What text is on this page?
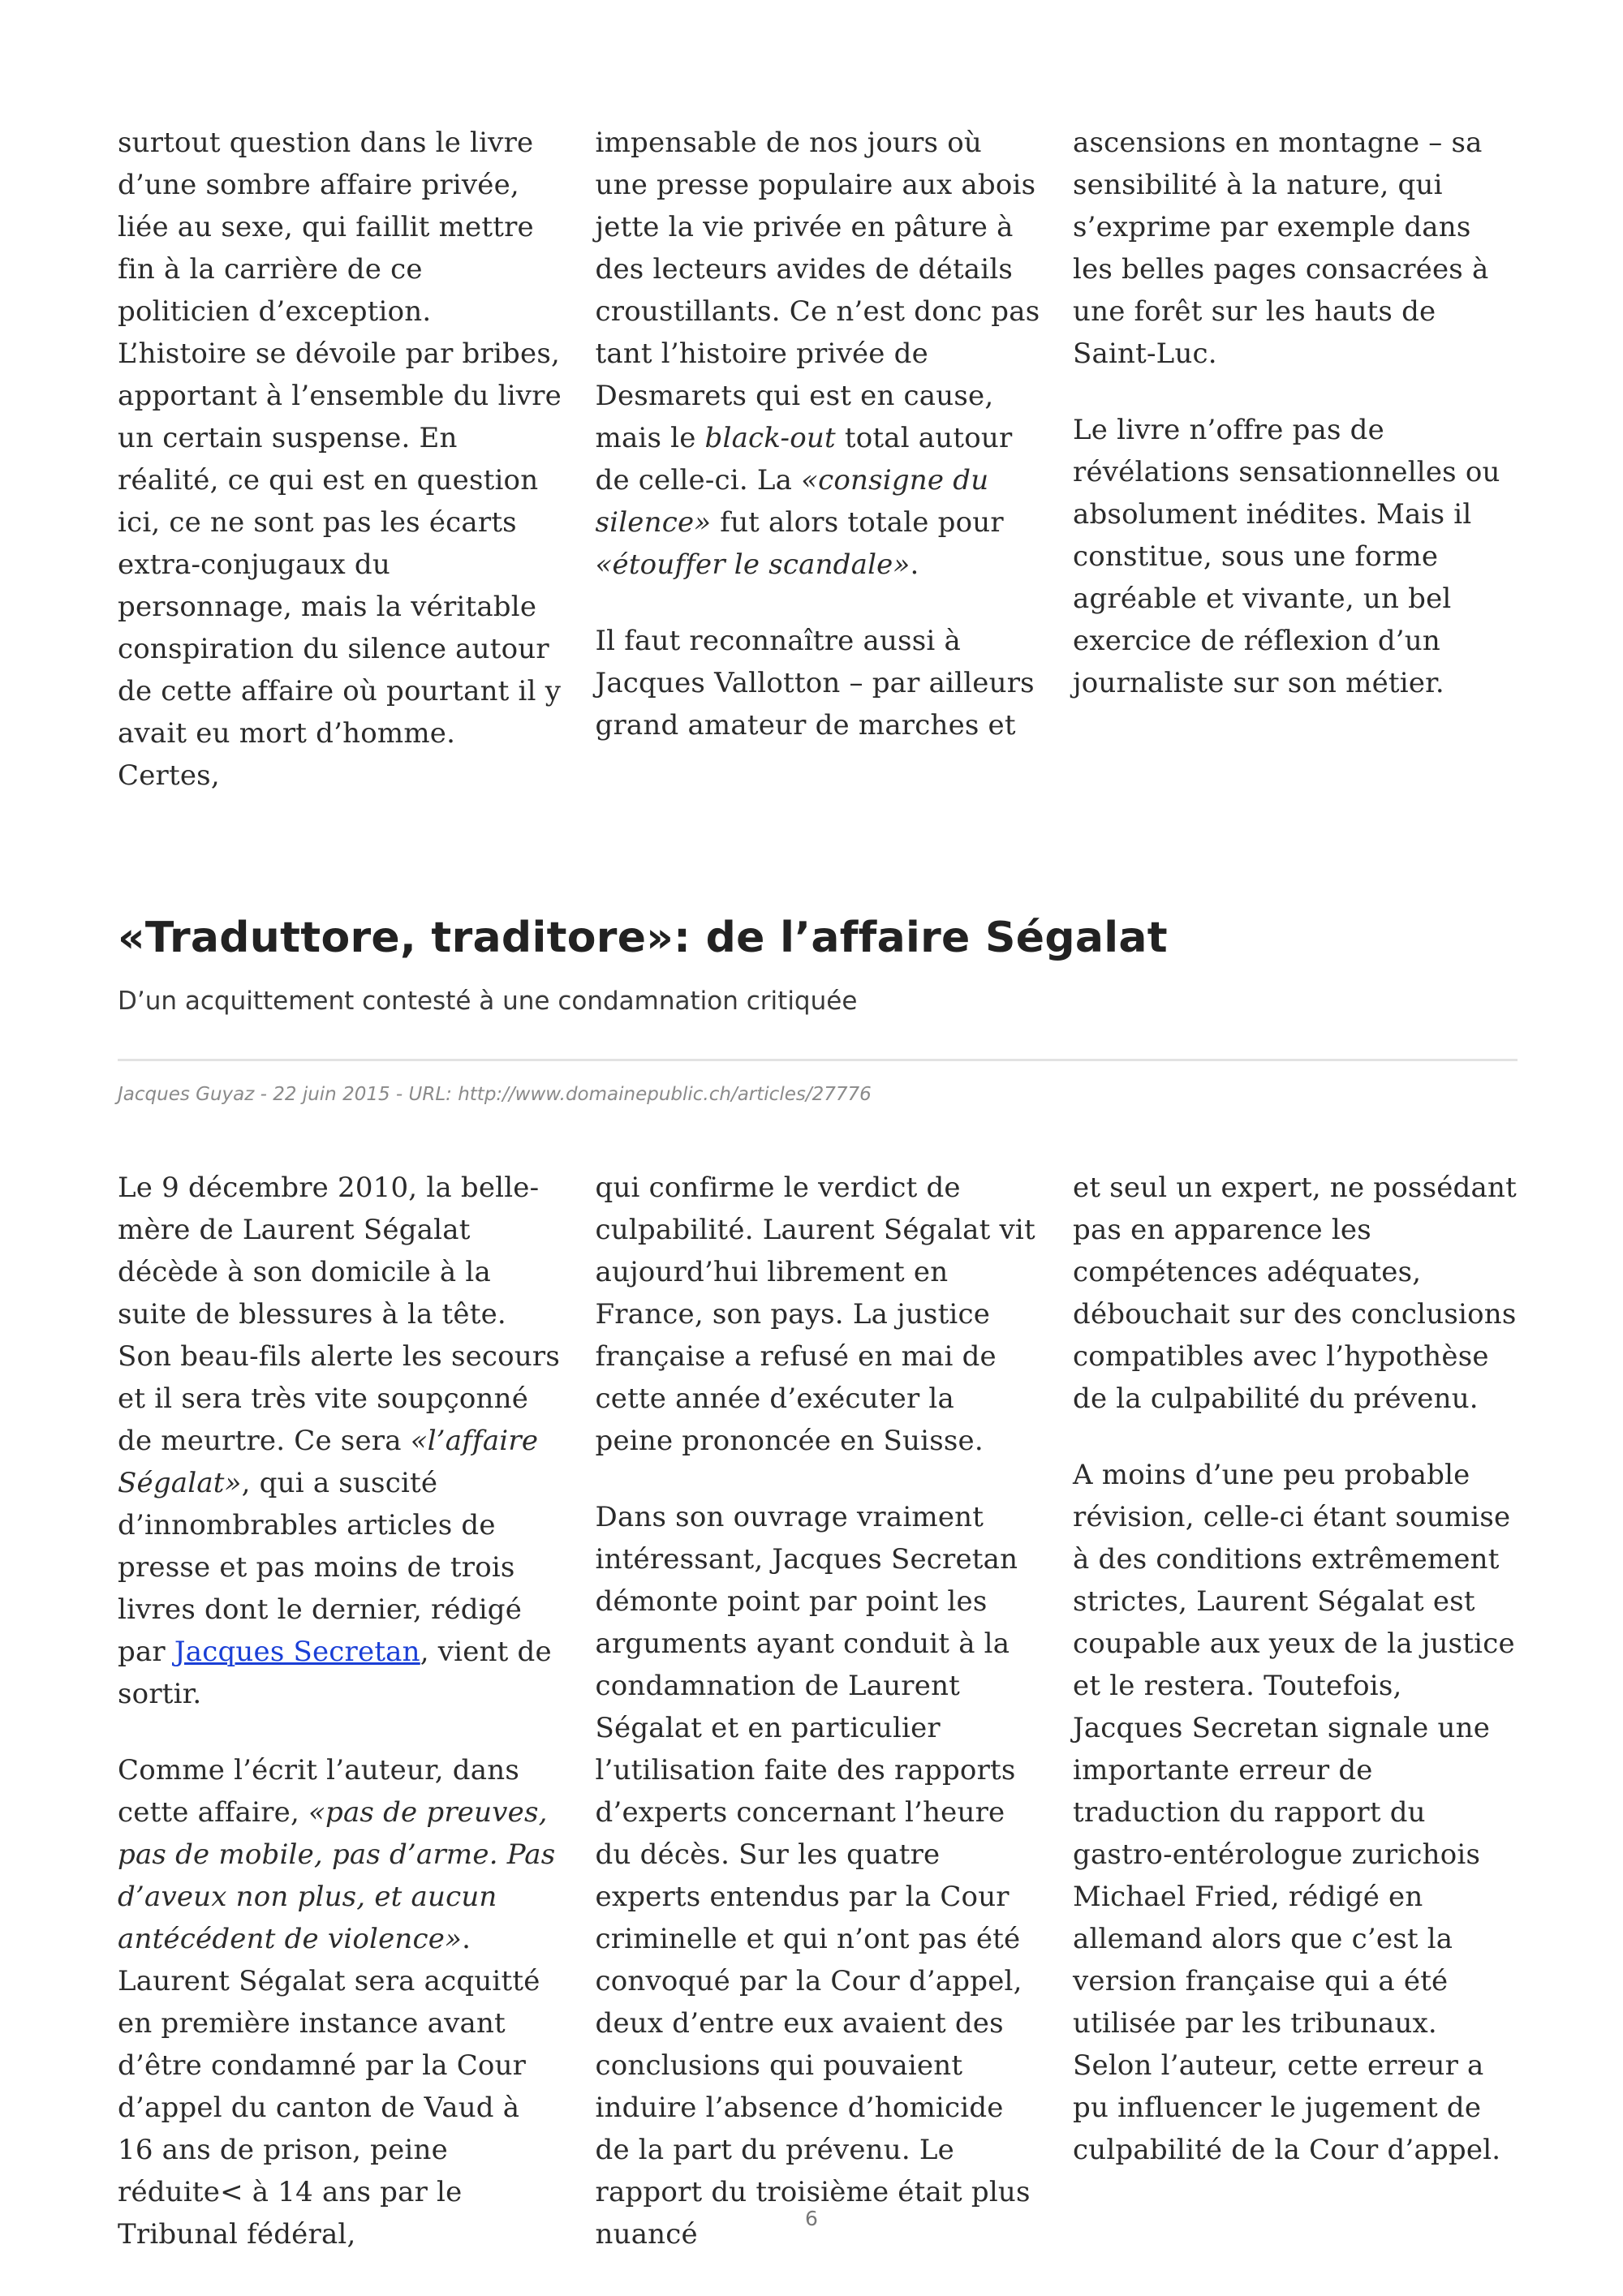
surtout question dans le livre d’une sombre affaire privée, liée au sexe, qui faillit mettre fin à la carrière de ce politicien d’exception. L’histoire se dévoile par bribes, apportant à l’ensemble du livre un certain suspense. En réalité, ce qui est en question ici, ce ne sont pas les écarts extra-conjugaux du personnage, mais la véritable conspiration du silence autour de cette affaire où pourtant il y avait eu mort d’homme. Certes,

impensable de nos jours où une presse populaire aux abois jette la vie privée en pâture à des lecteurs avides de détails croustillants. Ce n’est donc pas tant l’histoire privée de Desmarets qui est en cause, mais le black-out total autour de celle-ci. La «consigne du silence» fut alors totale pour «étouffer le scandale».

Il faut reconnaître aussi à Jacques Vallotton – par ailleurs grand amateur de marches et

ascensions en montagne – sa sensibilité à la nature, qui s’exprime par exemple dans les belles pages consacrées à une forêt sur les hauts de Saint-Luc.

Le livre n’offre pas de révélations sensationnelles ou absolument inédites. Mais il constitue, sous une forme agréable et vivante, un bel exercice de réflexion d’un journaliste sur son métier.

«Traduttore, traditore»: de l’affaire Ségalat

D’un acquittement contesté à une condamnation critiquée

Jacques Guyaz - 22 juin 2015 - URL: http://www.domainepublic.ch/articles/27776

Le 9 décembre 2010, la belle-mère de Laurent Ségalat décède à son domicile à la suite de blessures à la tête. Son beau-fils alerte les secours et il sera très vite soupçonné de meurtre. Ce sera «l’affaire Ségalat», qui a suscité d’innombrables articles de presse et pas moins de trois livres dont le dernier, rédigé par Jacques Secretan, vient de sortir.

Comme l’écrit l’auteur, dans cette affaire, «pas de preuves, pas de mobile, pas d’arme. Pas d’aveux non plus, et aucun antécédent de violence». Laurent Ségalat sera acquitté en première instance avant d’être condamné par la Cour d’appel du canton de Vaud à 16 ans de prison, peine réduite< à 14 ans par le Tribunal fédéral,

qui confirme le verdict de culpabilité. Laurent Ségalat vit aujourd’hui librement en France, son pays. La justice française a refusé en mai de cette année d’exécuter la peine prononcée en Suisse.

Dans son ouvrage vraiment intéressant, Jacques Secretan démonte point par point les arguments ayant conduit à la condamnation de Laurent Ségalat et en particulier l’utilisation faite des rapports d’experts concernant l’heure du décès. Sur les quatre experts entendus par la Cour criminelle et qui n’ont pas été convoqué par la Cour d’appel, deux d’entre eux avaient des conclusions qui pouvaient induire l’absence d’homicide de la part du prévenu. Le rapport du troisième était plus nuancé

et seul un expert, ne possédant pas en apparence les compétences adéquates, débouchait sur des conclusions compatibles avec l’hypothèse de la culpabilité du prévenu.

A moins d’une peu probable révision, celle-ci étant soumise à des conditions extrêmement strictes, Laurent Ségalat est coupable aux yeux de la justice et le restera. Toutefois, Jacques Secretan signale une importante erreur de traduction du rapport du gastro-entérologue zurichois Michael Fried, rédigé en allemand alors que c’est la version française qui a été utilisée par les tribunaux. Selon l’auteur, cette erreur a pu influencer le jugement de culpabilité de la Cour d’appel.

6
